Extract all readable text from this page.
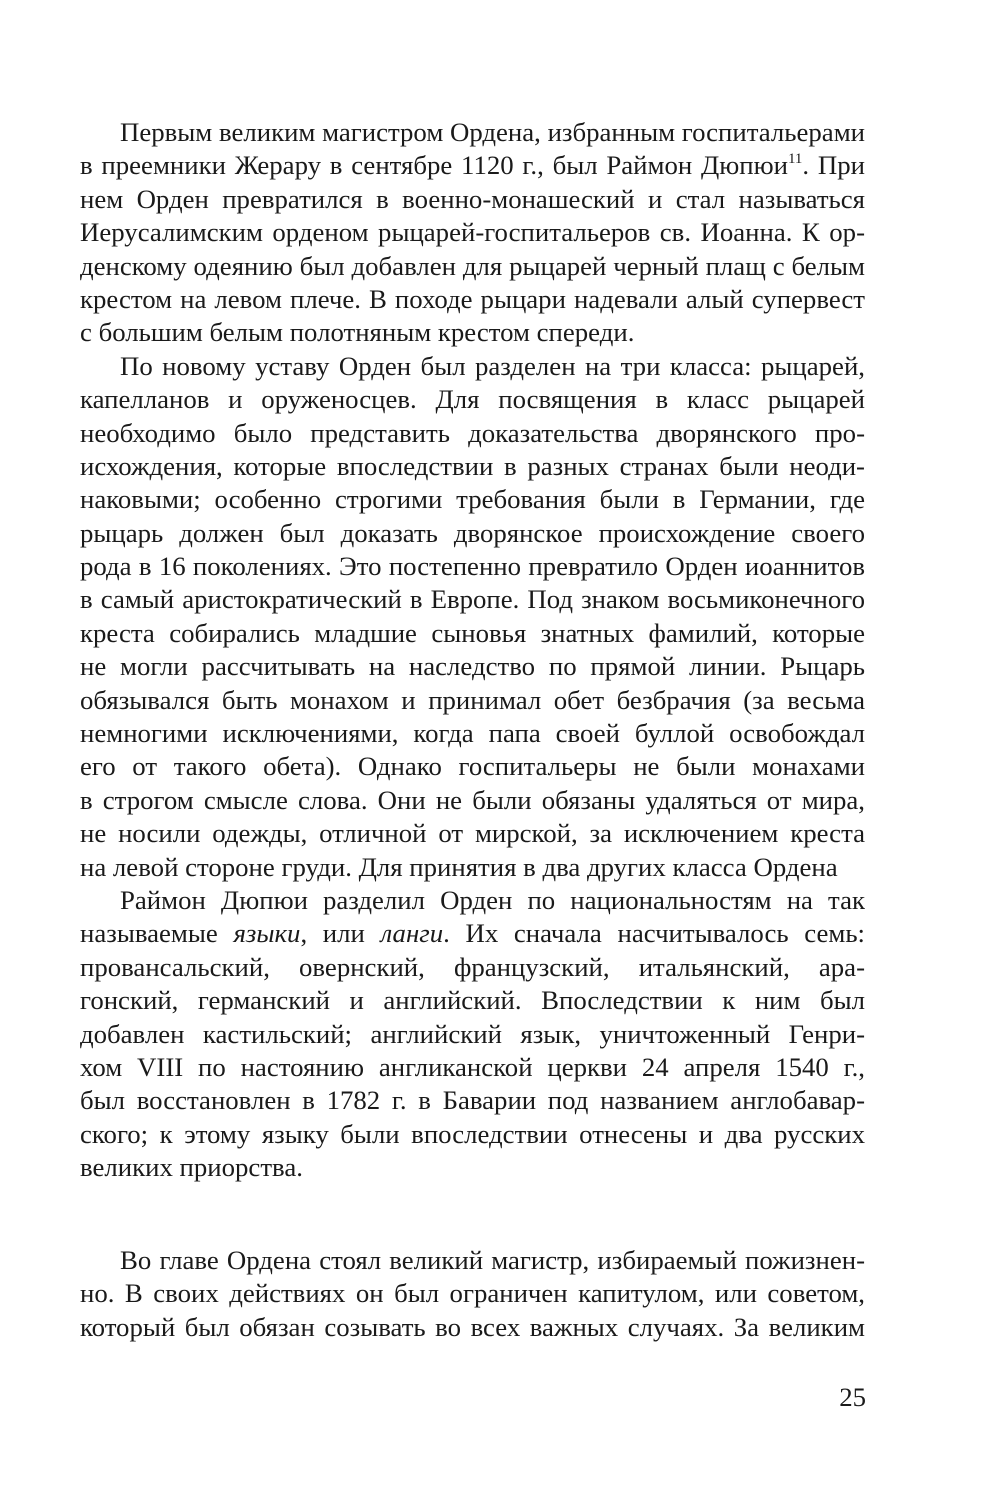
Первым великим магистром Ордена, избранным госпитальерами
в преемники Жерару в сентябре 1120 г., был Раймон Дюпюи$^{11}$. При
нем Орден превратился в военно-монашеский и стал называться
Иерусалимским орденом рыцарей-госпитальеров св. Иоанна. К ор-
денскому одеянию был добавлен для рыцарей черный плащ с белым
крестом на левом плече. В походе рыцари надевали алый супервест
с большим белым полотняным крестом спереди.
По новому уставу Орден был разделен на три класса: рыцарей,
капелланов и оруженосцев. Для посвящения в класс рыцарей
необходимо было представить доказательства дворянского про-
исхождения, которые впоследствии в разных странах были неоди-
наковыми; особенно строгими требования были в Германии, где
рыцарь должен был доказать дворянское происхождение своего
рода в 16 поколениях. Это постепенно превратило Орден иоаннитов
в самый аристократический в Европе. Под знаком восьмиконечного
креста собирались младшие сыновья знатных фамилий, которые
не могли рассчитывать на наследство по прямой линии. Рыцарь
обязывался быть монахом и принимал обет безбрачия (за весьма
немногими исключениями, когда папа своей буллой освобождал
его от такого обета). Однако госпитальеры не были монахами
в строгом смысле слова. Они не были обязаны удаляться от мира,
не носили одежды, отличной от мирской, за исключением креста
на левой стороне груди. Для принятия в два других класса Ордена
Раймон Дюпюи разделил Орден по национальностям на так
называемые языки, или ланги. Их сначала насчитывалось семь:
провансальский, овернский, французский, итальянский, ара-
гонский, германский и английский. Впоследствии к ним был
добавлен кастильский; английский язык, уничтоженный Генри-
хом VIII по настоянию англиканской церкви 24 апреля 1540 г.,
был восстановлен в 1782 г. в Баварии под названием англобавар-
ского; к этому языку были впоследствии отнесены и два русских
великих приорства.
Во главе Ордена стоял великий магистр, избираемый пожизнен-
но. В своих действиях он был ограничен капитулом, или советом,
который был обязан созывать во всех важных случаях. За великим
25
